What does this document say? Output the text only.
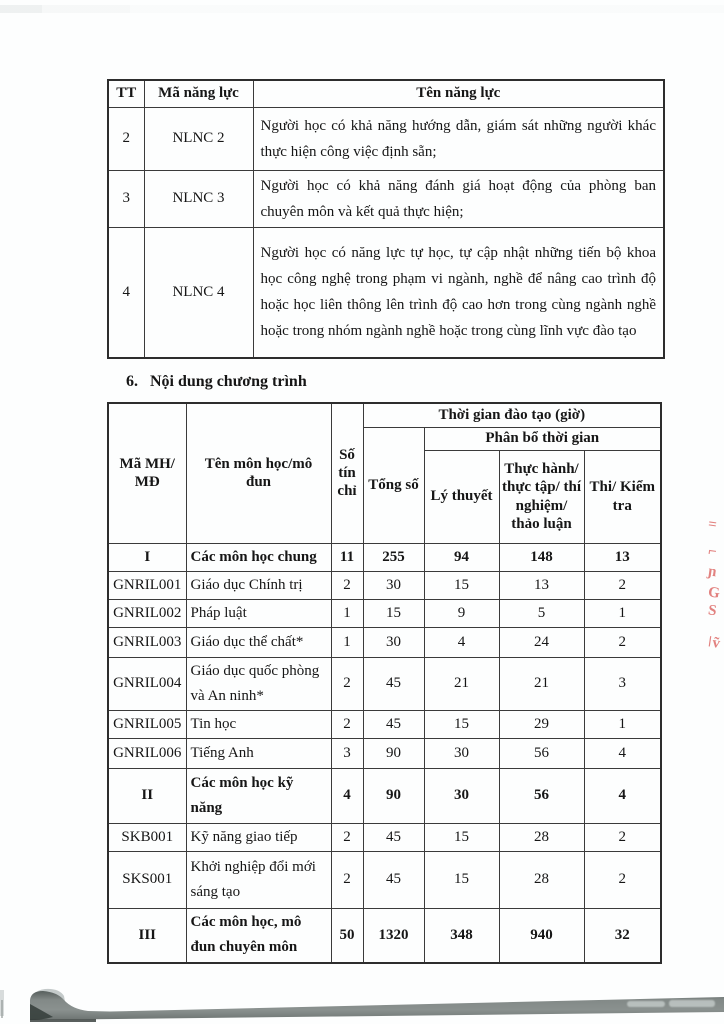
TT	Mã năng lực	Tên năng lực
2	NLNC 2	Người học có khả năng hướng dẫn, giám sát những người khác thực hiện công việc định sẵn;
3	NLNC 3	Người học có khả năng đánh giá hoạt động của phòng ban chuyên môn và kết quả thực hiện;
4	NLNC 4	Người học có năng lực tự học, tự cập nhật những tiến bộ khoa học công nghệ trong phạm vi ngành, nghề để nâng cao trình độ hoặc học liên thông lên trình độ cao hơn trong cùng ngành nghề hoặc trong nhóm ngành nghề hoặc trong cùng lĩnh vực đào tạo
6. Nội dung chương trình
Mã MH/ MĐ	Tên môn học/mô đun	Số tín chỉ	Thời gian đào tạo (giờ)			
			Tổng số	Phân bổ thời gian		
				Lý thuyết	Thực hành/ thực tập/ thí nghiệm/ thảo luận	Thi/ Kiểm tra
I	Các môn học chung	11	255	94	148	13
GNRIL001	Giáo dục Chính trị	2	30	15	13	2
GNRIL002	Pháp luật	1	15	9	5	1
GNRIL003	Giáo dục thể chất*	1	30	4	24	2
GNRIL004	Giáo dục quốc phòng và An ninh*	2	45	21	21	3
GNRIL005	Tin học	2	45	15	29	1
GNRIL006	Tiếng Anh	3	90	30	56	4
II	Các môn học kỹ năng	4	90	30	56	4
SKB001	Kỹ năng giao tiếp	2	45	15	28	2
SKS001	Khởi nghiệp đổi mới sáng tạo	2	45	15	28	2
III	Các môn học, mô đun chuyên môn	50	1320	348	940	32
=
⌐
ɲ
G
S
ǀṽ
